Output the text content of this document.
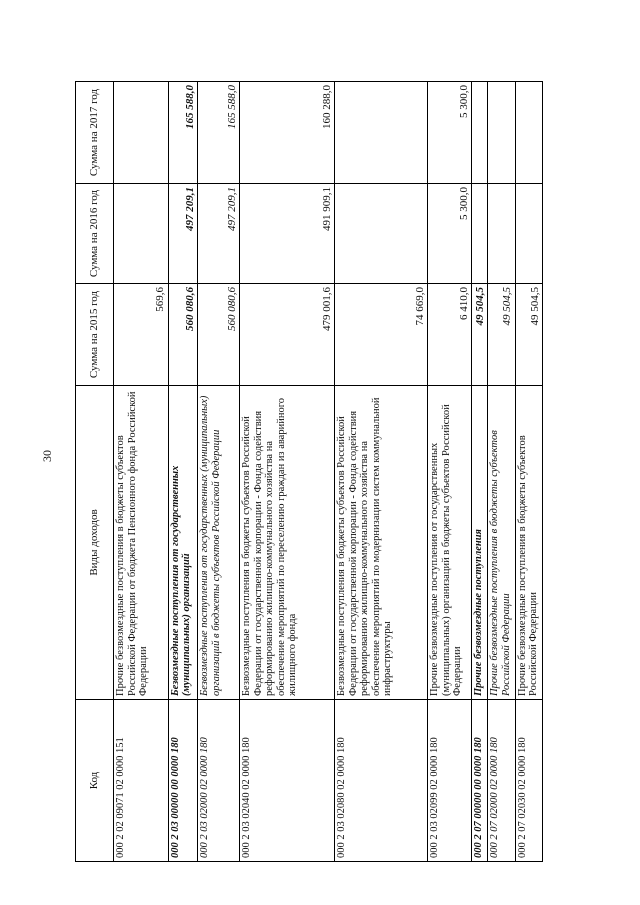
30
Код	Виды доходов	Сумма на 2015 год	Сумма на 2016 год	Сумма на 2017 год
000 2 02 09071 02 0000 151	Прочие безвозмездные поступления в бюджеты субъектов Российской Федерации от бюджета Пенсионного фонда Российской Федерации	569,6		
000 2 03 00000 00 0000 180	Безвозмездные поступления от государственных (муниципальных) организаций	560 080,6	497 209,1	165 588,0
000 2 03 02000 02 0000 180	Безвозмездные поступления от государственных (муниципальных) организаций в бюджеты субъектов Российской Федерации	560 080,6	497 209,1	165 588,0
000 2 03 02040 02 0000 180	Безвозмездные поступления в бюджеты субъектов Российской Федерации от государственной корпорации - Фонда содействия реформированию жилищно-коммунального хозяйства на обеспечение мероприятий по переселению граждан из аварийного жилищного фонда	479 001,6	491 909,1	160 288,0
000 2 03 02080 02 0000 180	Безвозмездные поступления в бюджеты субъектов Российской Федерации от государственной корпорации - Фонда содействия реформированию жилищно-коммунального хозяйства на обеспечение мероприятий по модернизации систем коммунальной инфраструктуры	74 669,0		
000 2 03 02099 02 0000 180	Прочие безвозмездные поступления от государственных (муниципальных) организаций в бюджеты субъектов Российской Федерации	6 410,0	5 300,0	5 300,0
000 2 07 00000 00 0000 180	Прочие безвозмездные поступления	49 504,5		
000 2 07 02000 02 0000 180	Прочие безвозмездные поступления в бюджеты субъектов Российской Федерации	49 504,5		
000 2 07 02030 02 0000 180	Прочие безвозмездные поступления в бюджеты субъектов Российской Федерации	49 504,5		
